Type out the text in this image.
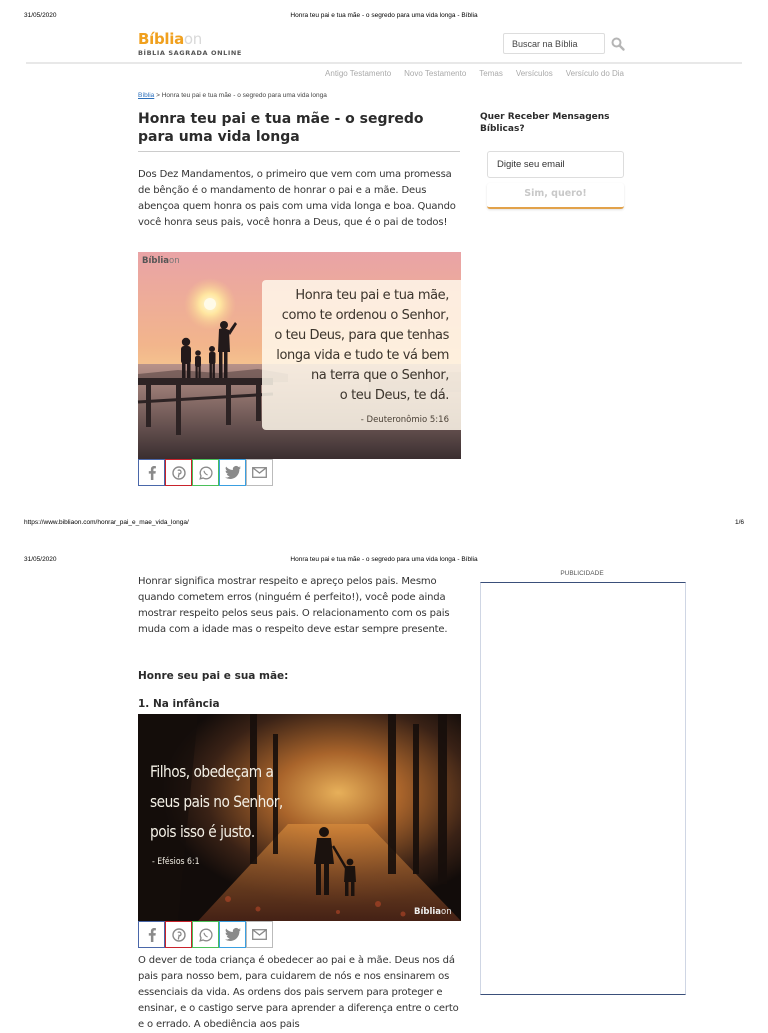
31/05/2020	Honra teu pai e tua mãe - o segredo para uma vida longa - Bíblia
Bíbliaon
BÍBLIA SAGRADA ONLINE
Buscar na Bíblia
Antigo Testamento Novo Testamento Temas Versículos Versículo do Dia
Bíblia > Honra teu pai e tua mãe - o segredo para uma vida longa
Honra teu pai e tua mãe - o segredo para uma vida longa

Dos Dez Mandamentos, o primeiro que vem com uma promessa de bênção é o mandamento de honrar o pai e a mãe. Deus abençoa quem honra os pais com uma vida longa e boa. Quando você honra seus pais, você honra a Deus, que é o pai de todos!

Bíbliaon
Honra teu pai e tua mãe,
como te ordenou o Senhor,
o teu Deus, para que tenhas
longa vida e tudo te vá bem
na terra que o Senhor,
o teu Deus, te dá.
- Deuteronômio 5:16
Quer Receber Mensagens Bíblicas?
Digite seu email
Sim, quero!
https://www.bibliaon.com/honrar_pai_e_mae_vida_longa/	1/6
31/05/2020	Honra teu pai e tua mãe - o segredo para uma vida longa - Bíblia

Honrar significa mostrar respeito e apreço pelos pais. Mesmo quando cometem erros (ninguém é perfeito!), você pode ainda mostrar respeito pelos seus pais. O relacionamento com os pais muda com a idade mas o respeito deve estar sempre presente.

Honre seu pai e sua mãe:
1. Na infância
Filhos, obedeçam a
seus pais no Senhor,
pois isso é justo.
- Efésios 6:1
Bíbliaon

O dever de toda criança é obedecer ao pai e à mãe. Deus nos dá pais para nosso bem, para cuidarem de nós e nos ensinarem os essenciais da vida. As ordens dos pais servem para proteger e ensinar, e o castigo serve para aprender a diferença entre o certo e o errado. A obediência aos pais

PUBLICIDADE
